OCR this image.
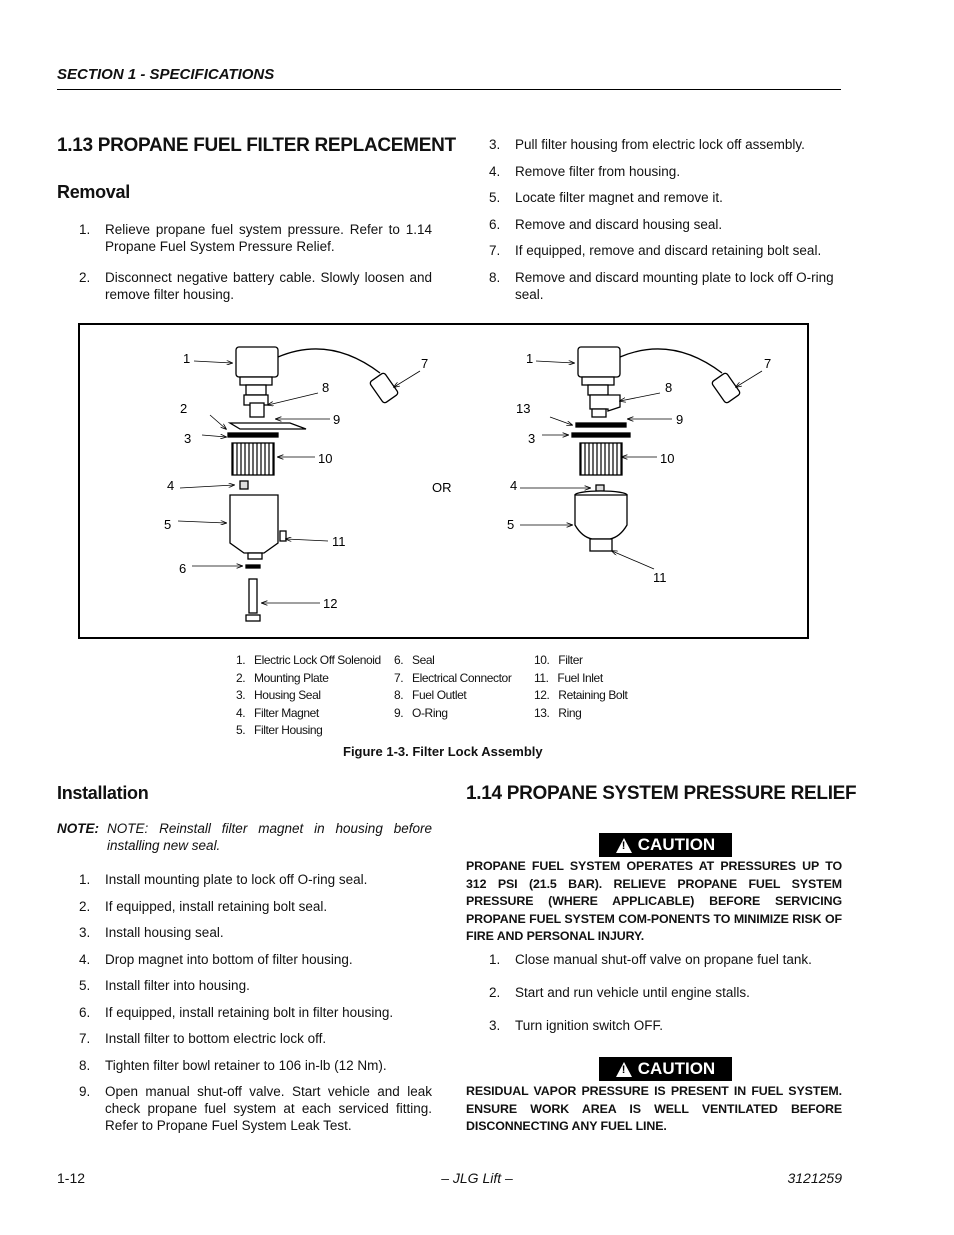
SECTION 1 - SPECIFICATIONS
1.13 PROPANE FUEL FILTER REPLACEMENT
Removal
1. Relieve propane fuel system pressure. Refer to 1.14 Propane Fuel System Pressure Relief.
2. Disconnect negative battery cable. Slowly loosen and remove filter housing.
3. Pull filter housing from electric lock off assembly.
4. Remove filter from housing.
5. Locate filter magnet and remove it.
6. Remove and discard housing seal.
7. If equipped, remove and discard retaining bolt seal.
8. Remove and discard mounting plate to lock off O-ring seal.
1
2
3
4
5
6
7
8
9
10
11
12
OR
1
13
3
4
5
7
8
9
10
11
1. Electric Lock Off Solenoid
2. Mounting Plate
3. Housing Seal
4. Filter Magnet
5. Filter Housing
6. Seal
7. Electrical Connector
8. Fuel Outlet
9. O-Ring
10. Filter
11. Fuel Inlet
12. Retaining Bolt
13. Ring
Figure 1-3. Filter Lock Assembly
Installation
NOTE: NOTE: Reinstall filter magnet in housing before installing new seal.
1. Install mounting plate to lock off O-ring seal.
2. If equipped, install retaining bolt seal.
3. Install housing seal.
4. Drop magnet into bottom of filter housing.
5. Install filter into housing.
6. If equipped, install retaining bolt in filter housing.
7. Install filter to bottom electric lock off.
8. Tighten filter bowl retainer to 106 in-lb (12 Nm).
9. Open manual shut-off valve. Start vehicle and leak check propane fuel system at each serviced fitting. Refer to Propane Fuel System Leak Test.
1.14 PROPANE SYSTEM PRESSURE RELIEF
! CAUTION
PROPANE FUEL SYSTEM OPERATES AT PRESSURES UP TO 312 PSI (21.5 BAR). RELIEVE PROPANE FUEL SYSTEM PRESSURE (WHERE APPLICABLE) BEFORE SERVICING PROPANE FUEL SYSTEM COM-PONENTS TO MINIMIZE RISK OF FIRE AND PERSONAL INJURY.
1. Close manual shut-off valve on propane fuel tank.
2. Start and run vehicle until engine stalls.
3. Turn ignition switch OFF.
! CAUTION
RESIDUAL VAPOR PRESSURE IS PRESENT IN FUEL SYSTEM. ENSURE WORK AREA IS WELL VENTILATED BEFORE DISCONNECTING ANY FUEL LINE.
1-12	– JLG Lift –	3121259
